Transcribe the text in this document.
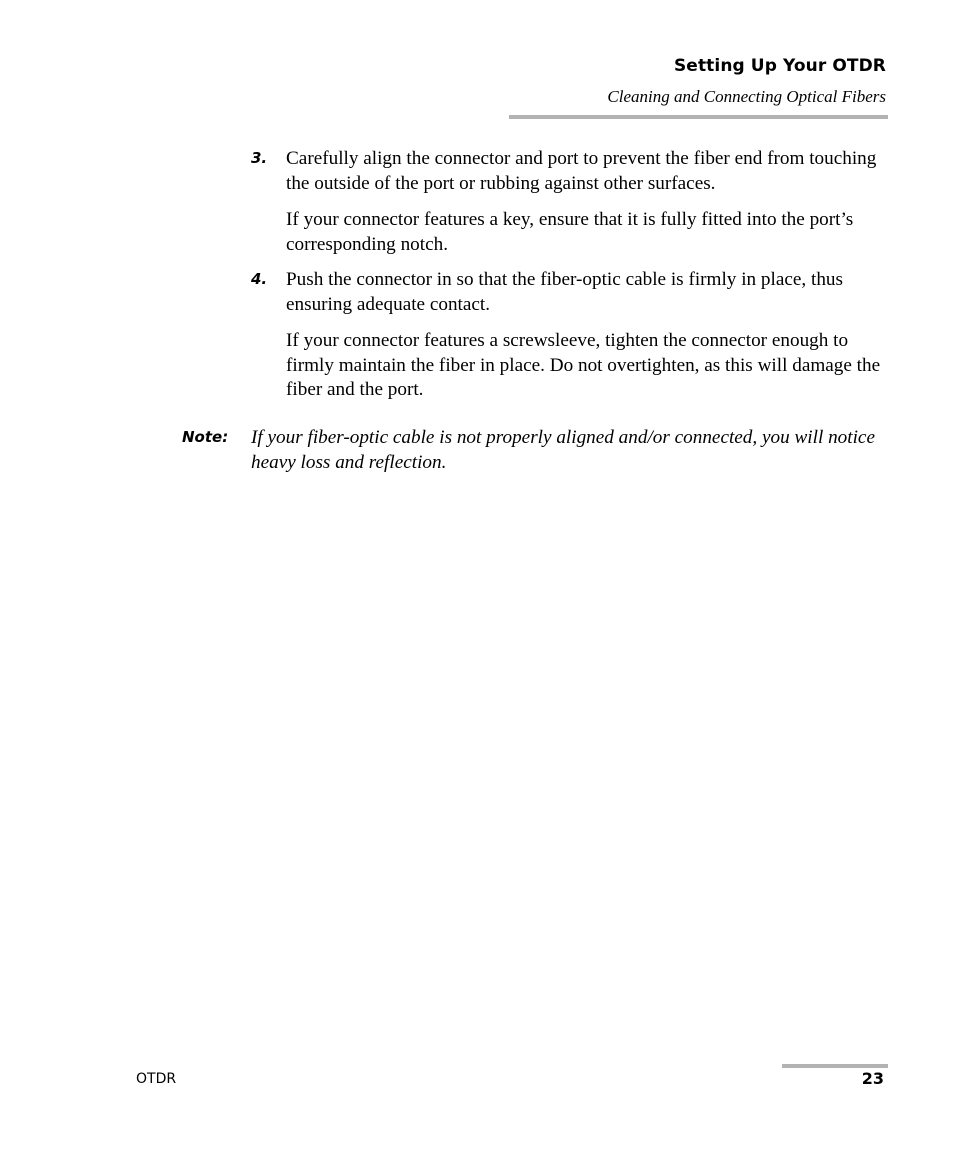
Setting Up Your OTDR
Cleaning and Connecting Optical Fibers
3. Carefully align the connector and port to prevent the fiber end from touching the outside of the port or rubbing against other surfaces.
If your connector features a key, ensure that it is fully fitted into the port’s corresponding notch.
4. Push the connector in so that the fiber-optic cable is firmly in place, thus ensuring adequate contact.
If your connector features a screwsleeve, tighten the connector enough to firmly maintain the fiber in place. Do not overtighten, as this will damage the fiber and the port.
Note: If your fiber-optic cable is not properly aligned and/or connected, you will notice heavy loss and reflection.
OTDR	23
